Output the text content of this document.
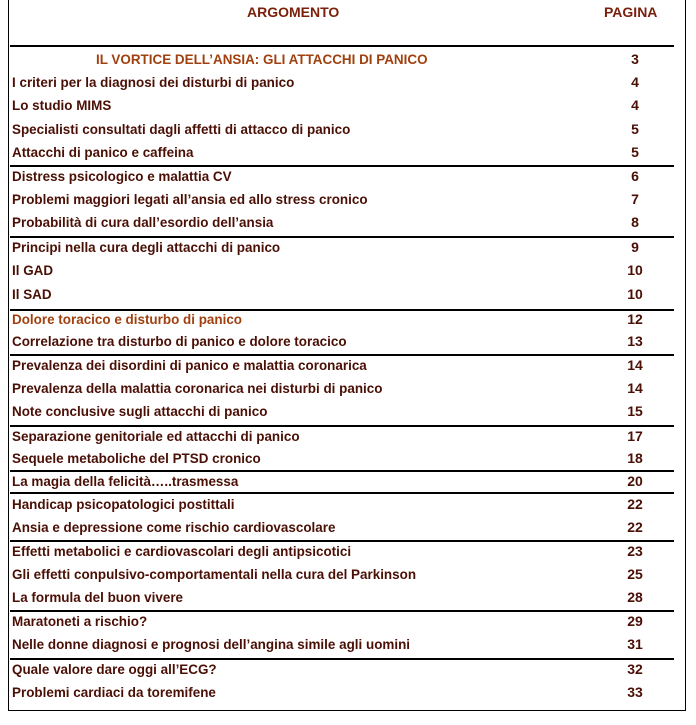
ARGOMENTO	PAGINA
IL VORTICE DELL’ANSIA: GLI ATTACCHI DI PANICO	3
I criteri per la diagnosi dei disturbi di panico	4
Lo studio MIMS	4
Specialisti consultati dagli affetti di attacco di panico	5
Attacchi di panico e caffeina	5
Distress psicologico e malattia CV	6
Problemi maggiori legati all’ansia ed allo stress cronico	7
Probabilità di cura dall’esordio dell’ansia	8
Principi nella cura degli attacchi di panico	9
Il GAD	10
Il SAD	10
Dolore toracico e disturbo di panico	12
Correlazione tra disturbo di panico e dolore toracico	13
Prevalenza dei disordini di panico e malattia coronarica	14
Prevalenza della malattia coronarica nei disturbi di panico	14
Note conclusive sugli attacchi di panico	15
Separazione genitoriale ed attacchi di panico	17
Sequele metaboliche del PTSD cronico	18
La magia della felicità…..trasmessa	20
Handicap psicopatologici postittali	22
Ansia e depressione come rischio cardiovascolare	22
Effetti metabolici e cardiovascolari degli antipsicotici	23
Gli effetti conpulsivo-comportamentali nella cura del Parkinson	25
La formula del buon vivere	28
Maratoneti a rischio?	29
Nelle donne diagnosi e prognosi dell’angina simile agli uomini	31
Quale valore dare oggi all’ECG?	32
Problemi cardiaci da toremifene	33
